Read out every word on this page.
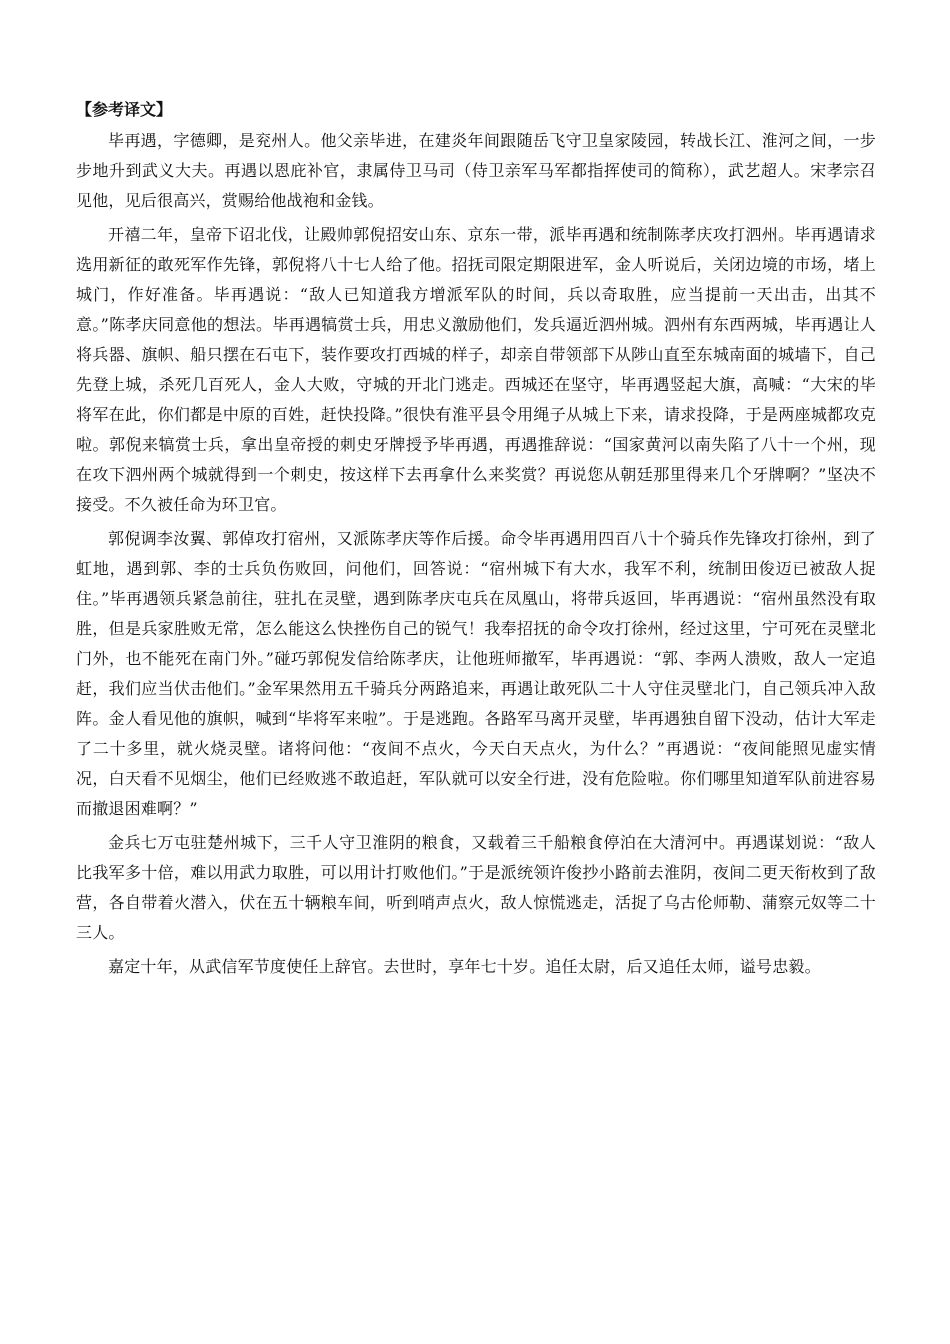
【参考译文】

毕再遇，字德卿，是兖州人。他父亲毕进，在建炎年间跟随岳飞守卫皇家陵园，转战长江、淮河之间，一步步地升到武义大夫。再遇以恩庇补官，隶属侍卫马司（侍卫亲军马军都指挥使司的简称），武艺超人。宋孝宗召见他，见后很高兴，赏赐给他战袍和金钱。

开禧二年，皇帝下诏北伐，让殿帅郭倪招安山东、京东一带，派毕再遇和统制陈孝庆攻打泗州。毕再遇请求选用新征的敢死军作先锋，郭倪将八十七人给了他。招抚司限定期限进军，金人听说后，关闭边境的市场，堵上城门，作好准备。毕再遇说：“敌人已知道我方增派军队的时间，兵以奇取胜，应当提前一天出击，出其不意。”陈孝庆同意他的想法。毕再遇犒赏士兵，用忠义激励他们，发兵逼近泗州城。泗州有东西两城，毕再遇让人将兵器、旗帜、船只摆在石屯下，装作要攻打西城的样子，却亲自带领部下从陟山直至东城南面的城墙下，自己先登上城，杀死几百死人，金人大败，守城的开北门逃走。西城还在坚守，毕再遇竖起大旗，高喊：“大宋的毕将军在此，你们都是中原的百姓，赶快投降。”很快有淮平县令用绳子从城上下来，请求投降，于是两座城都攻克啦。郭倪来犒赏士兵，拿出皇帝授的刺史牙牌授予毕再遇，再遇推辞说：“国家黄河以南失陷了八十一个州，现在攻下泗州两个城就得到一个刺史，按这样下去再拿什么来奖赏？再说您从朝廷那里得来几个牙牌啊？”坚决不接受。不久被任命为环卫官。

郭倪调李汝翼、郭倬攻打宿州，又派陈孝庆等作后援。命令毕再遇用四百八十个骑兵作先锋攻打徐州，到了虹地，遇到郭、李的士兵负伤败回，问他们，回答说：“宿州城下有大水，我军不利，统制田俊迈已被敌人捉住。”毕再遇领兵紧急前往，驻扎在灵壁，遇到陈孝庆屯兵在凤凰山，将带兵返回，毕再遇说：“宿州虽然没有取胜，但是兵家胜败无常，怎么能这么快挫伤自己的锐气！我奉招抚的命令攻打徐州，经过这里，宁可死在灵壁北门外，也不能死在南门外。”碰巧郭倪发信给陈孝庆，让他班师撤军，毕再遇说：“郭、李两人溃败，敌人一定追赶，我们应当伏击他们。”金军果然用五千骑兵分两路追来，再遇让敢死队二十人守住灵壁北门，自己领兵冲入敌阵。金人看见他的旗帜，喊到“毕将军来啦”。于是逃跑。各路军马离开灵壁，毕再遇独自留下没动，估计大军走了二十多里，就火烧灵壁。诸将问他：“夜间不点火，今天白天点火，为什么？”再遇说：“夜间能照见虚实情况，白天看不见烟尘，他们已经败逃不敢追赶，军队就可以安全行进，没有危险啦。你们哪里知道军队前进容易而撤退困难啊？”

金兵七万屯驻楚州城下，三千人守卫淮阴的粮食，又载着三千船粮食停泊在大清河中。再遇谋划说：“敌人比我军多十倍，难以用武力取胜，可以用计打败他们。”于是派统领许俊抄小路前去淮阴，夜间二更天衔枚到了敌营，各自带着火潜入，伏在五十辆粮车间，听到哨声点火，敌人惊慌逃走，活捉了乌古伦师勒、蒲察元奴等二十三人。

嘉定十年，从武信军节度使任上辞官。去世时，享年七十岁。追任太尉，后又追任太师，谥号忠毅。
